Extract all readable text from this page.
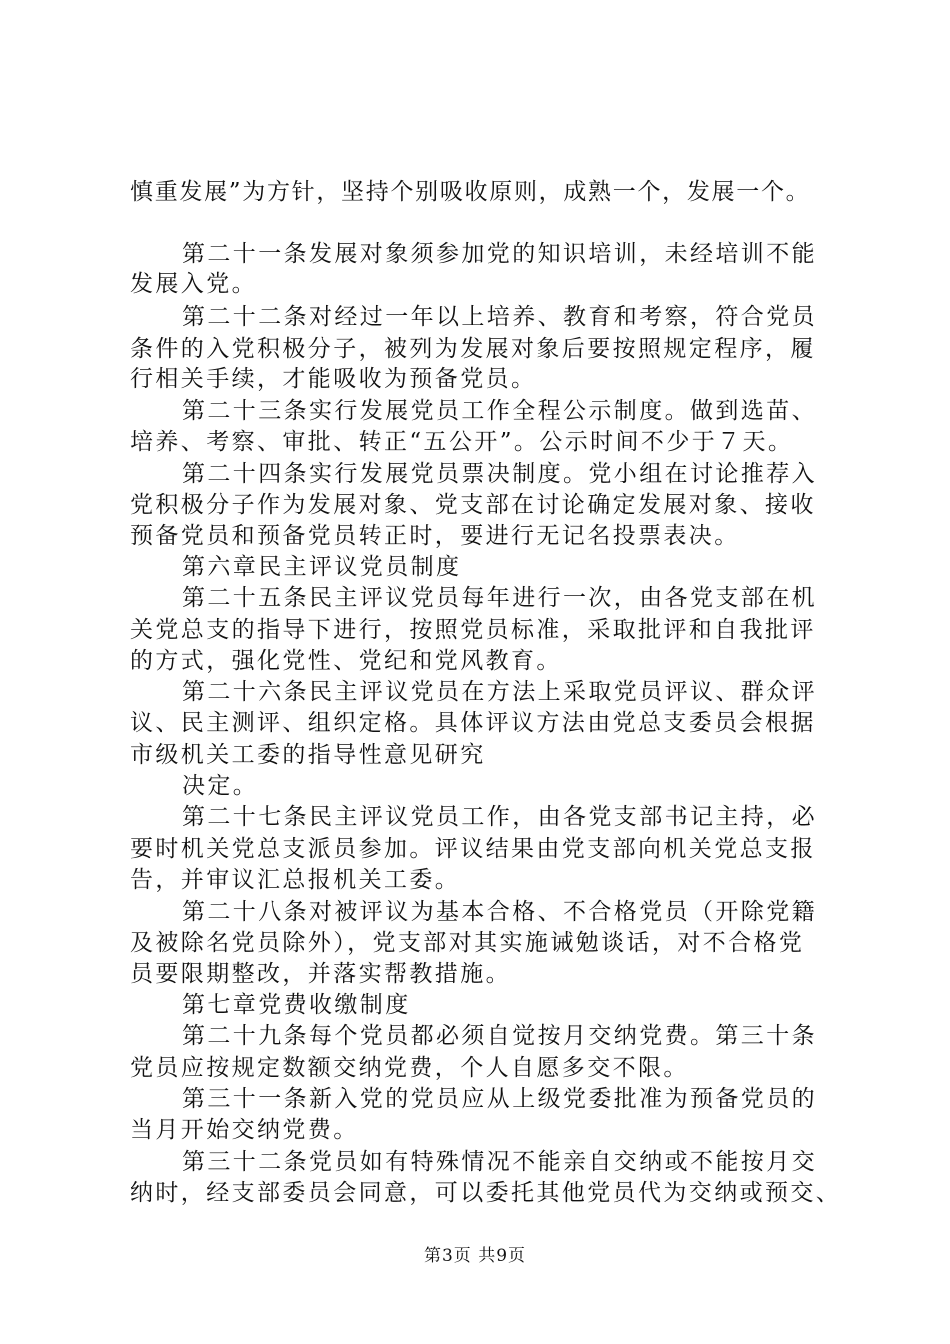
慎重发展”为方针，坚持个别吸收原则，成熟一个，发展一个。
第二十一条发展对象须参加党的知识培训，未经培训不能
发展入党。
第二十二条对经过一年以上培养、教育和考察，符合党员
条件的入党积极分子，被列为发展对象后要按照规定程序，履
行相关手续，才能吸收为预备党员。
第二十三条实行发展党员工作全程公示制度。做到选苗、
培养、考察、审批、转正“五公开”。公示时间不少于７天。
第二十四条实行发展党员票决制度。党小组在讨论推荐入
党积极分子作为发展对象、党支部在讨论确定发展对象、接收
预备党员和预备党员转正时，要进行无记名投票表决。
第六章民主评议党员制度
第二十五条民主评议党员每年进行一次，由各党支部在机
关党总支的指导下进行，按照党员标准，采取批评和自我批评
的方式，强化党性、党纪和党风教育。
第二十六条民主评议党员在方法上采取党员评议、群众评
议、民主测评、组织定格。具体评议方法由党总支委员会根据
市级机关工委的指导性意见研究
决定。
第二十七条民主评议党员工作，由各党支部书记主持，必
要时机关党总支派员参加。评议结果由党支部向机关党总支报
告，并审议汇总报机关工委。
第二十八条对被评议为基本合格、不合格党员（开除党籍
及被除名党员除外），党支部对其实施诫勉谈话，对不合格党
员要限期整改，并落实帮教措施。
第七章党费收缴制度
第二十九条每个党员都必须自觉按月交纳党费。第三十条
党员应按规定数额交纳党费，个人自愿多交不限。
第三十一条新入党的党员应从上级党委批准为预备党员的
当月开始交纳党费。
第三十二条党员如有特殊情况不能亲自交纳或不能按月交
纳时，经支部委员会同意，可以委托其他党员代为交纳或预交、
第3页 共9页
